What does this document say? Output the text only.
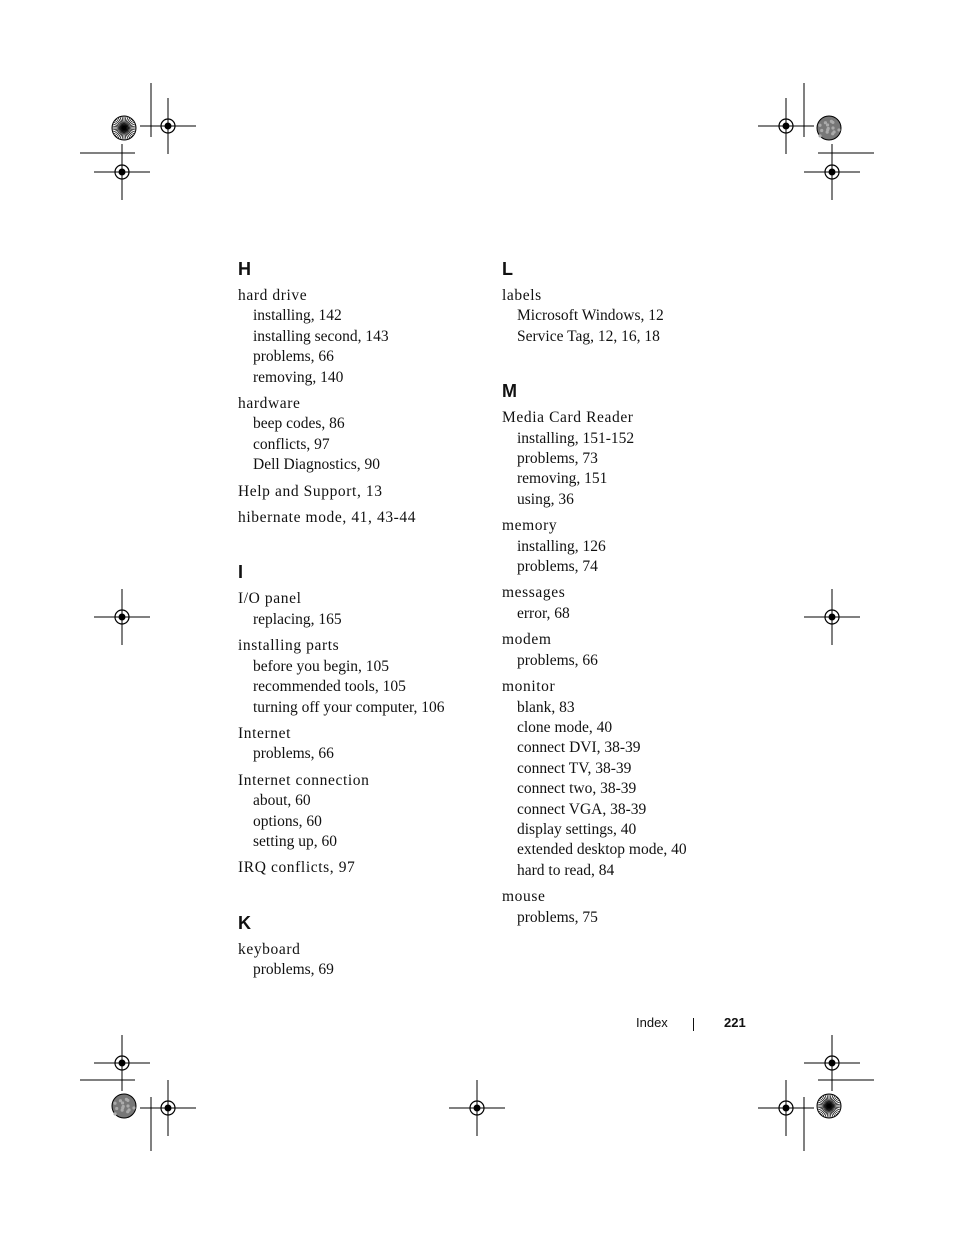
H
hard drive
installing, 142
installing second, 143
problems, 66
removing, 140
hardware
beep codes, 86
conflicts, 97
Dell Diagnostics, 90
Help and Support, 13
hibernate mode, 41, 43-44
I
I/O panel
replacing, 165
installing parts
before you begin, 105
recommended tools, 105
turning off your computer, 106
Internet
problems, 66
Internet connection
about, 60
options, 60
setting up, 60
IRQ conflicts, 97
K
keyboard
problems, 69
L
labels
Microsoft Windows, 12
Service Tag, 12, 16, 18
M
Media Card Reader
installing, 151-152
problems, 73
removing, 151
using, 36
memory
installing, 126
problems, 74
messages
error, 68
modem
problems, 66
monitor
blank, 83
clone mode, 40
connect DVI, 38-39
connect TV, 38-39
connect two, 38-39
connect VGA, 38-39
display settings, 40
extended desktop mode, 40
hard to read, 84
mouse
problems, 75
Index	221
